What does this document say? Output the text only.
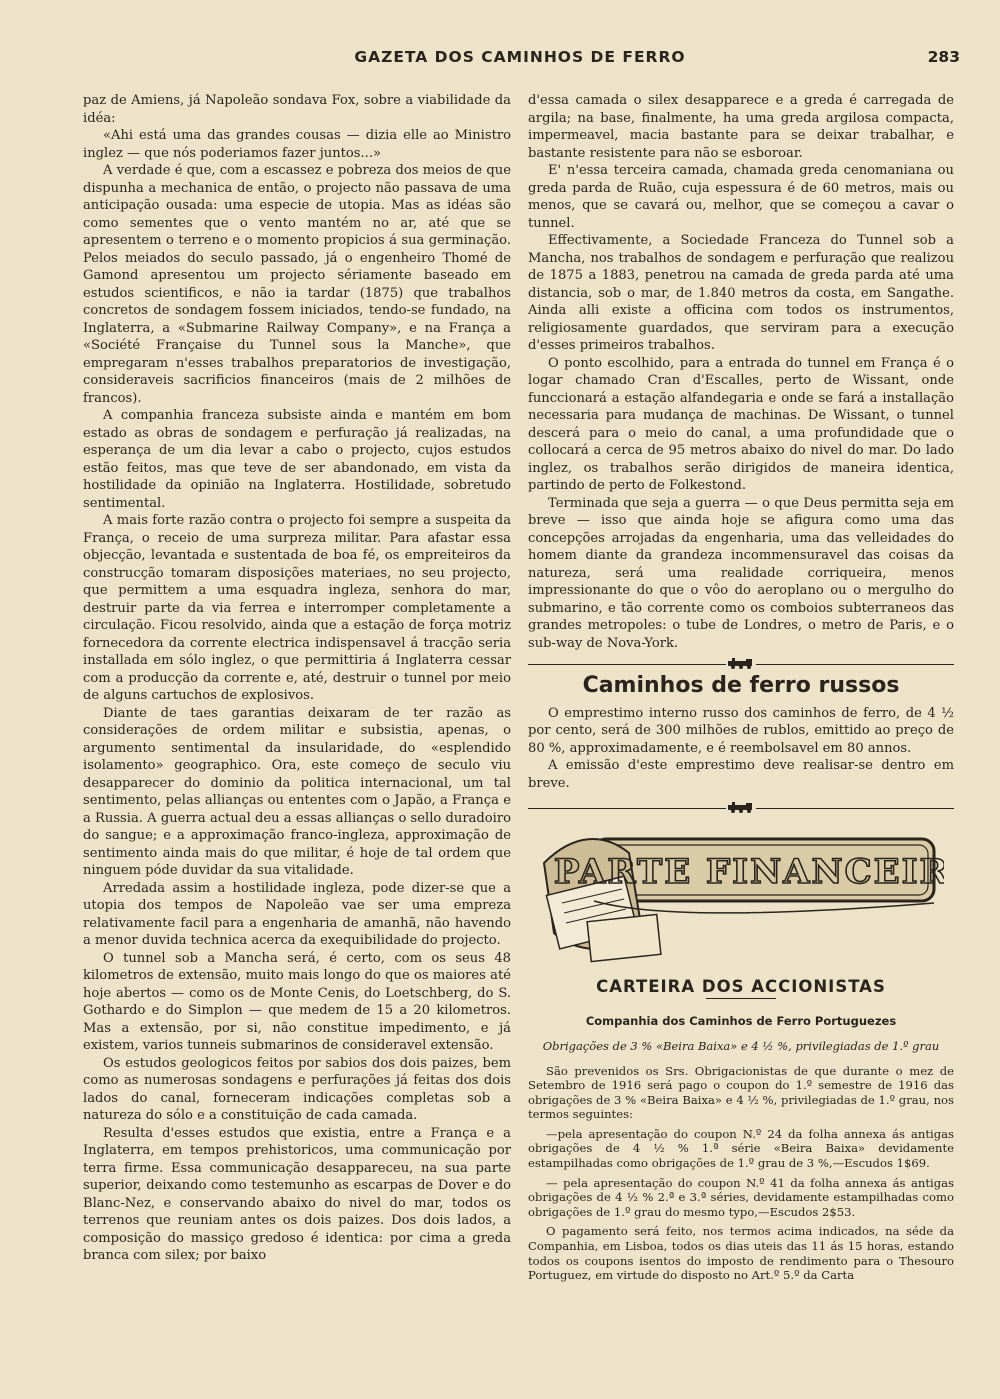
GAZETA DOS CAMINHOS DE FERRO	283

paz de Amiens, já Napoleão sondava Fox, sobre a viabilidade da idéa:

«Ahi está uma das grandes cousas — dizia elle ao Ministro inglez — que nós poderiamos fazer juntos...»

A verdade é que, com a escassez e pobreza dos meios de que dispunha a mechanica de então, o projecto não passava de uma anticipação ousada: uma especie de utopia. Mas as idéas são como sementes que o vento mantém no ar, até que se apresentem o terreno e o momento propicios á sua germinação. Pelos meiados do seculo passado, já o engenheiro Thomé de Gamond apresentou um projecto sériamente baseado em estudos scientificos, e não ia tardar (1875) que trabalhos concretos de sondagem fossem iniciados, tendo-se fundado, na Inglaterra, a «Submarine Railway Company», e na França a «Société Française du Tunnel sous la Manche», que empregaram n'esses trabalhos preparatorios de investigação, consideraveis sacrificios financeiros (mais de 2 milhões de francos).

A companhia franceza subsiste ainda e mantém em bom estado as obras de sondagem e perfuração já realizadas, na esperança de um dia levar a cabo o projecto, cujos estudos estão feitos, mas que teve de ser abandonado, em vista da hostilidade da opinião na Inglaterra. Hostilidade, sobretudo sentimental.

A mais forte razão contra o projecto foi sempre a suspeita da França, o receio de uma surpreza militar. Para afastar essa objecção, levantada e sustentada de boa fé, os empreiteiros da construcção tomaram disposições materiaes, no seu projecto, que permittem a uma esquadra ingleza, senhora do mar, destruir parte da via ferrea e interromper completamente a circulação. Ficou resolvido, ainda que a estação de força motriz fornecedora da corrente electrica indispensavel á tracção seria installada em sólo inglez, o que permittiria á Inglaterra cessar com a producção da corrente e, até, destruir o tunnel por meio de alguns cartuchos de explosivos.

Diante de taes garantias deixaram de ter razão as considerações de ordem militar e subsistia, apenas, o argumento sentimental da insularidade, do «esplendido isolamento» geographico. Ora, este começo de seculo viu desapparecer do dominio da politica internacional, um tal sentimento, pelas allianças ou ententes com o Japão, a França e a Russia. A guerra actual deu a essas allianças o sello duradoiro do sangue; e a approximação franco-ingleza, approximação de sentimento ainda mais do que militar, é hoje de tal ordem que ninguem póde duvidar da sua vitalidade.

Arredada assim a hostilidade ingleza, pode dizer-se que a utopia dos tempos de Napoleão vae ser uma empreza relativamente facil para a engenharia de amanhã, não havendo a menor duvida technica acerca da exequibilidade do projecto.

O tunnel sob a Mancha será, é certo, com os seus 48 kilometros de extensão, muito mais longo do que os maiores até hoje abertos — como os de Monte Cenis, do Loetschberg, do S. Gothardo e do Simplon — que medem de 15 a 20 kilometros. Mas a extensão, por si, não constitue impedimento, e já existem, varios tunneis submarinos de consideravel extensão.

Os estudos geologicos feitos por sabios dos dois paizes, bem como as numerosas sondagens e perfurações já feitas dos dois lados do canal, forneceram indicações completas sob a natureza do sólo e a constituição de cada camada.

Resulta d'esses estudos que existia, entre a França e a Inglaterra, em tempos prehistoricos, uma communicação por terra firme. Essa communicação desappareceu, na sua parte superior, deixando como testemunho as escarpas de Dover e do Blanc-Nez, e conservando abaixo do nivel do mar, todos os terrenos que reuniam antes os dois paizes. Dos dois lados, a composição do massiço gredoso é identica: por cima a greda branca com silex; por baixo

d'essa camada o silex desapparece e a greda é carregada de argila; na base, finalmente, ha uma greda argilosa compacta, impermeavel, macia bastante para se deixar trabalhar, e bastante resistente para não se esboroar.

E' n'essa terceira camada, chamada greda cenomaniana ou greda parda de Ruão, cuja espessura é de 60 metros, mais ou menos, que se cavará ou, melhor, que se começou a cavar o tunnel.

Effectivamente, a Sociedade Franceza do Tunnel sob a Mancha, nos trabalhos de sondagem e perfuração que realizou de 1875 a 1883, penetrou na camada de greda parda até uma distancia, sob o mar, de 1.840 metros da costa, em Sangathe. Ainda alli existe a officina com todos os instrumentos, religiosamente guardados, que serviram para a execução d'esses primeiros trabalhos.

O ponto escolhido, para a entrada do tunnel em França é o logar chamado Cran d'Escalles, perto de Wissant, onde funccionará a estação alfandegaria e onde se fará a installação necessaria para mudança de machinas. De Wissant, o tunnel descerá para o meio do canal, a uma profundidade que o collocará a cerca de 95 metros abaixo do nivel do mar. Do lado inglez, os trabalhos serão dirigidos de maneira identica, partindo de perto de Folkestond.

Terminada que seja a guerra — o que Deus permitta seja em breve — isso que ainda hoje se afigura como uma das concepções arrojadas da engenharia, uma das velleidades do homem diante da grandeza incommensuravel das coisas da natureza, será uma realidade corriqueira, menos impressionante do que o vôo do aeroplano ou o mergulho do submarino, e tão corrente como os comboios subterraneos das grandes metropoles: o tube de Londres, o metro de Paris, e o sub-way de Nova-York.

Caminhos de ferro russos

O emprestimo interno russo dos caminhos de ferro, de 4 ½ por cento, será de 300 milhões de rublos, emittido ao preço de 80 %, approximadamente, e é reembolsavel em 80 annos.

A emissão d'este emprestimo deve realisar-se dentro em breve.

PARTE FINANCEIRA
CARTEIRA DOS ACCIONISTAS
Companhia dos Caminhos de Ferro Portuguezes
Obrigações de 3 % «Beira Baixa» e 4 ½ %, privilegiadas de 1.º grau

São prevenidos os Srs. Obrigacionistas de que durante o mez de Setembro de 1916 será pago o coupon do 1.º semestre de 1916 das obrigações de 3 % «Beira Baixa» e 4 ½ %, privilegiadas de 1.º grau, nos termos seguintes:

—pela apresentação do coupon N.º 24 da folha annexa ás antigas obrigações de 4 ½ % 1.ª série «Beira Baixa» devidamente estampilhadas como obrigações de 1.º grau de 3 %,—Escudos 1$69.

— pela apresentação do coupon N.º 41 da folha annexa ás antigas obrigações de 4 ½ % 2.ª e 3.ª séries, devidamente estampilhadas como obrigações de 1.º grau do mesmo typo,—Escudos 2$53.

O pagamento será feito, nos termos acima indicados, na séde da Companhia, em Lisboa, todos os dias uteis das 11 ás 15 horas, estando todos os coupons isentos do imposto de rendimento para o Thesouro Portuguez, em virtude do disposto no Art.º 5.º da Carta
